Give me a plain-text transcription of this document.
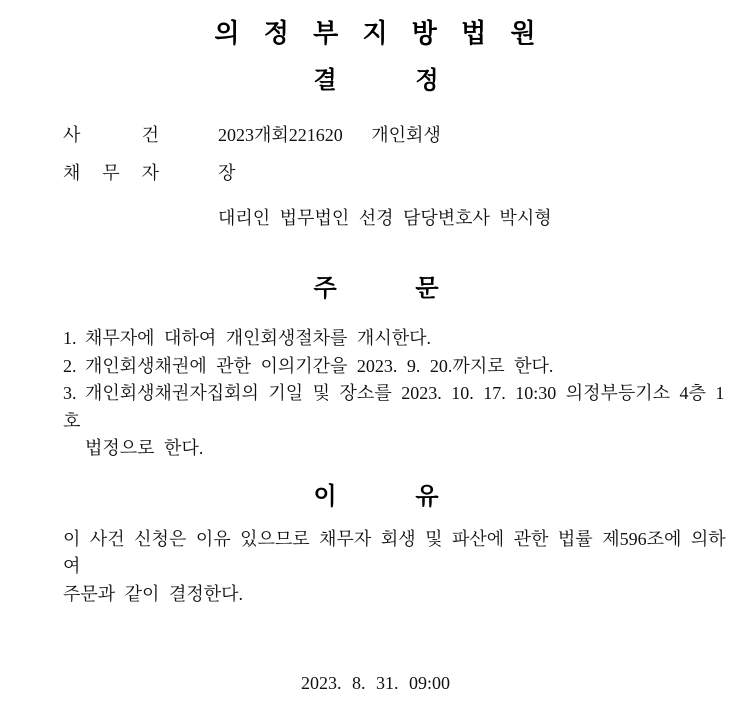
의 정 부 지 방 법 원
결	정
사	건	2023개회221620   개인회생
채 무 자	장
대리인 법무법인 선경 담당변호사 박시형
주	문
1. 채무자에 대하여 개인회생절차를 개시한다.
2. 개인회생채권에 관한 이의기간을 2023. 9. 20.까지로 한다.
3. 개인회생채권자집회의 기일 및 장소를 2023. 10. 17. 10:30 의정부등기소 4층 1호
법정으로 한다.
이	유
이 사건 신청은 이유 있으므로 채무자 회생 및 파산에 관한 법률 제596조에 의하여
주문과 같이 결정한다.
2023. 8. 31. 09:00
